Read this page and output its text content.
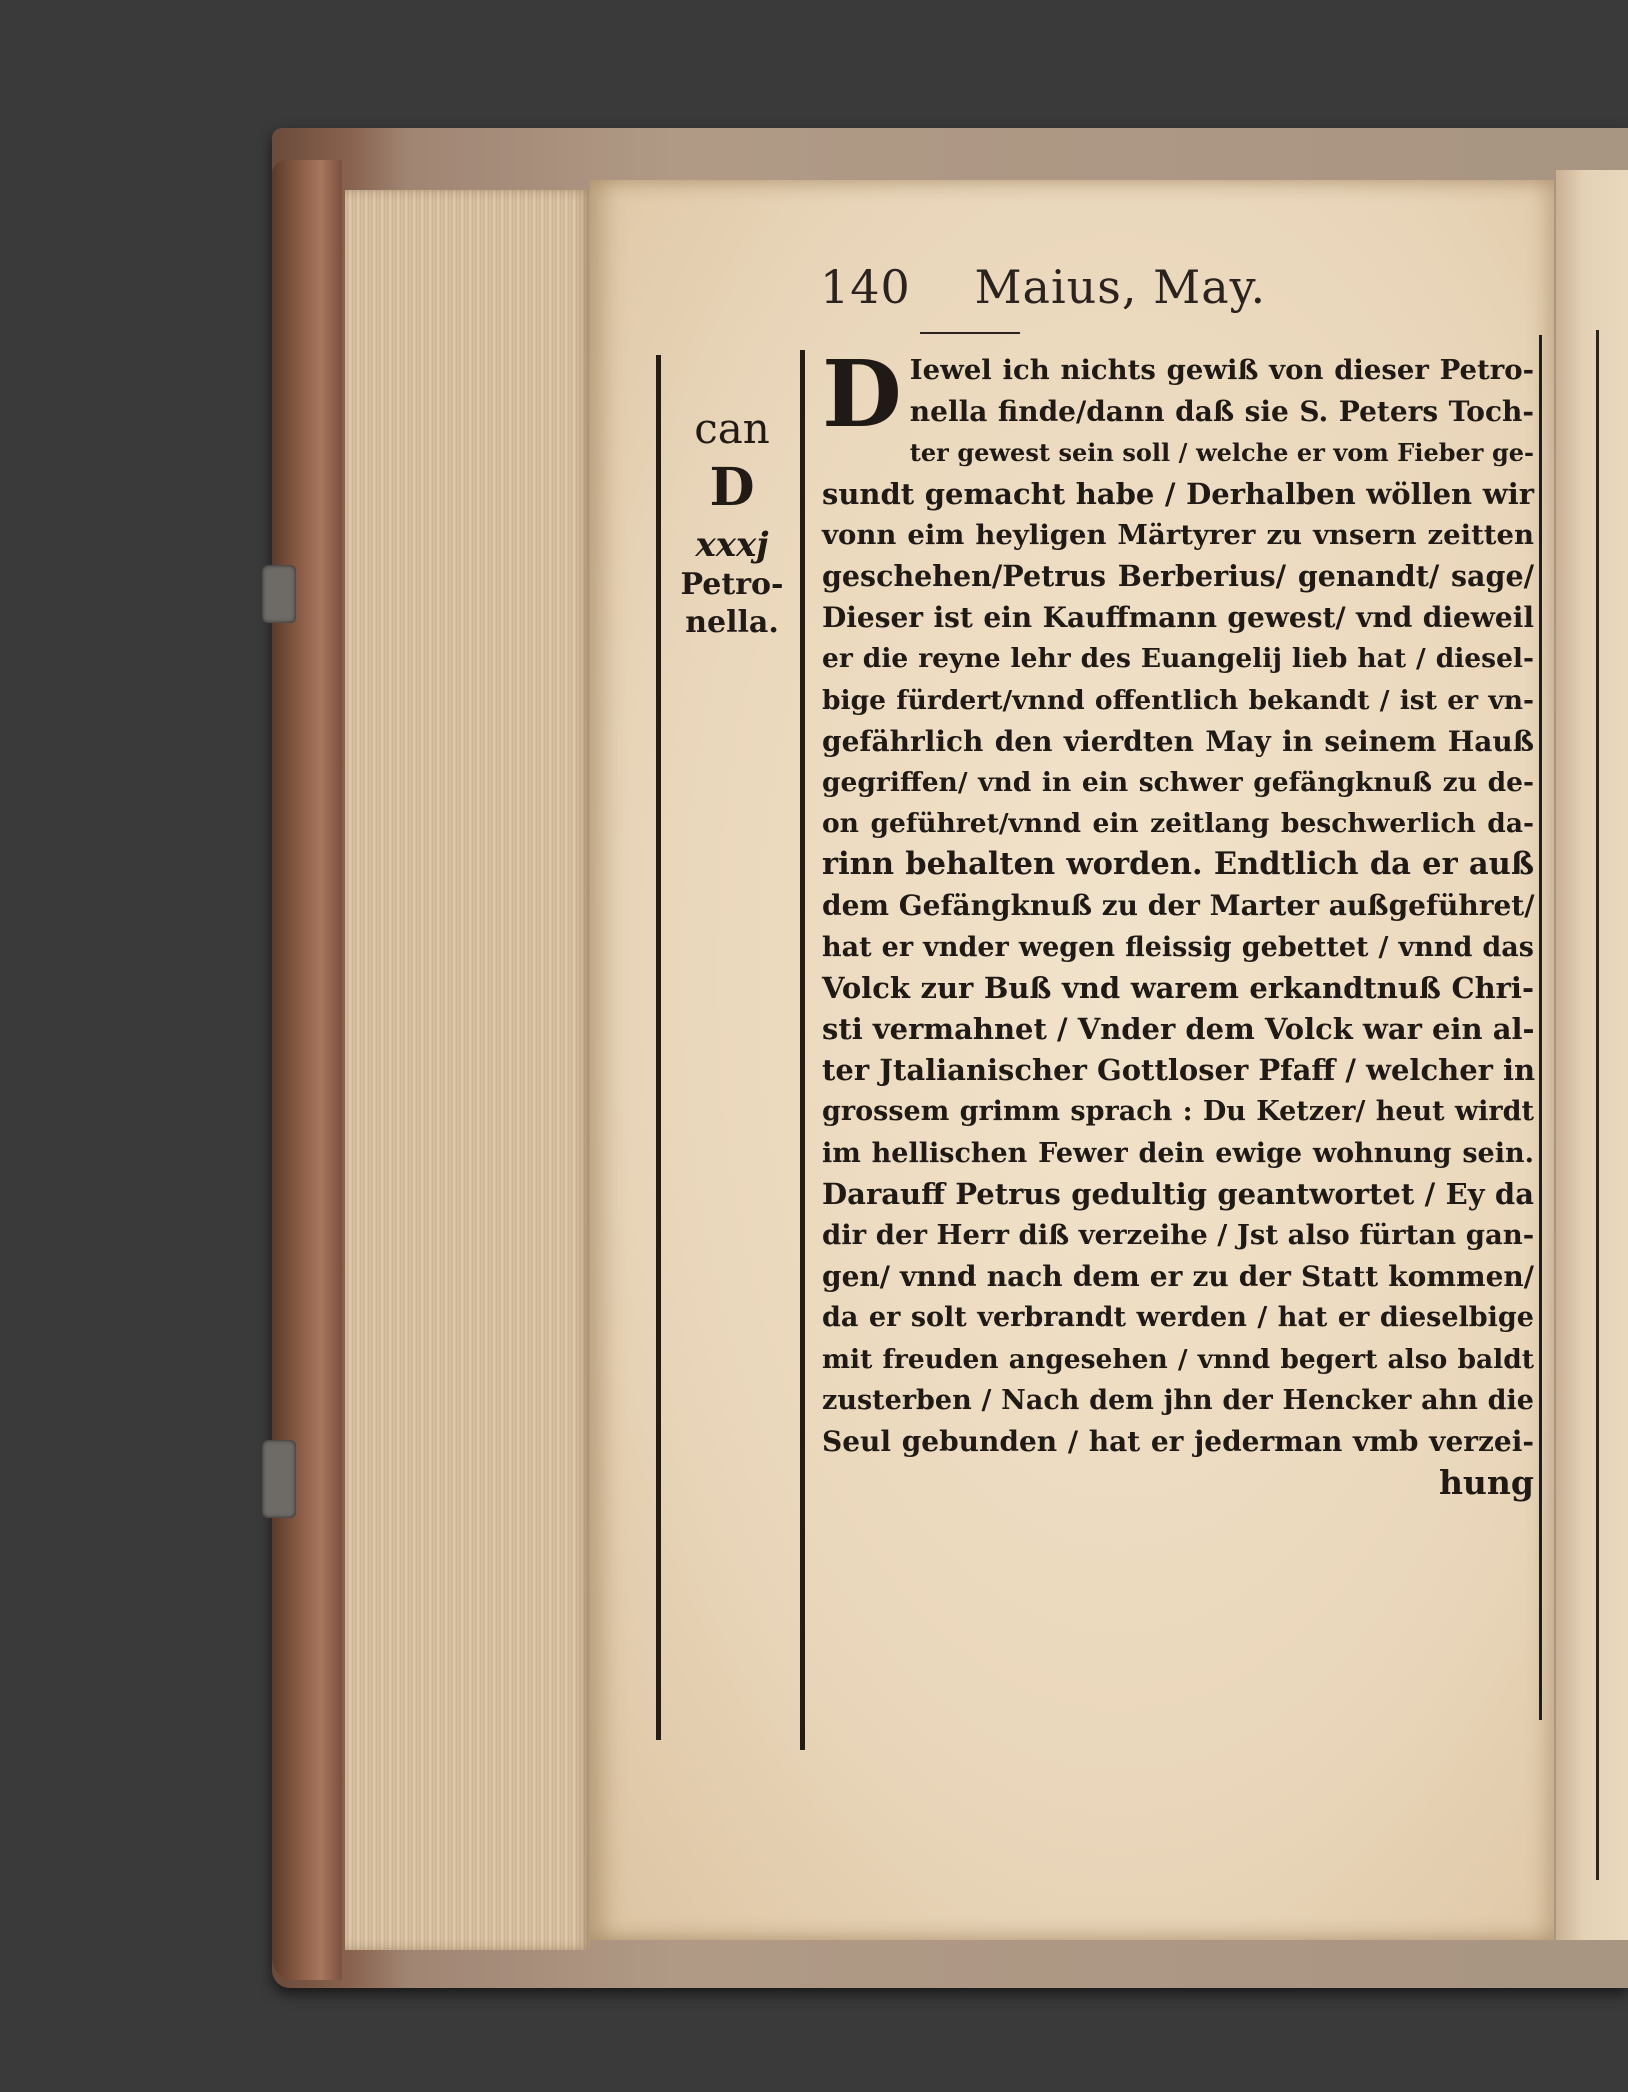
140 Maius, May.
can
D
xxxj
Petro-
nella.
D Iewel ich nichts gewiß von dieser Petro-
nella finde/dann daß sie S. Peters Toch-
ter gewest sein soll / welche er vom Fieber ge-
sundt gemacht habe / Derhalben wöllen wir
vonn eim heyligen Märtyrer zu vnsern zeitten
geschehen/Petrus Berberius/ genandt/ sage/
Dieser ist ein Kauffmann gewest/ vnd dieweil
er die reyne lehr des Euangelij lieb hat / diesel-
bige fürdert/vnnd offentlich bekandt / ist er vn-
gefährlich den vierdten May in seinem Hauß
gegriffen/ vnd in ein schwer gefängknuß zu de-
on geführet/vnnd ein zeitlang beschwerlich da-
rinn behalten worden. Endtlich da er auß
dem Gefängknuß zu der Marter außgeführet/
hat er vnder wegen fleissig gebettet / vnnd das
Volck zur Buß vnd warem erkandtnuß Chri-
sti vermahnet / Vnder dem Volck war ein al-
ter Jtalianischer Gottloser Pfaff / welcher in
grossem grimm sprach : Du Ketzer/ heut wirdt
im hellischen Fewer dein ewige wohnung sein.
Darauff Petrus gedultig geantwortet / Ey da
dir der Herr diß verzeihe / Jst also fürtan gan-
gen/ vnnd nach dem er zu der Statt kommen/
da er solt verbrandt werden / hat er dieselbige
mit freuden angesehen / vnnd begert also baldt
zusterben / Nach dem jhn der Hencker ahn die
Seul gebunden / hat er jederman vmb verzei-
hung
